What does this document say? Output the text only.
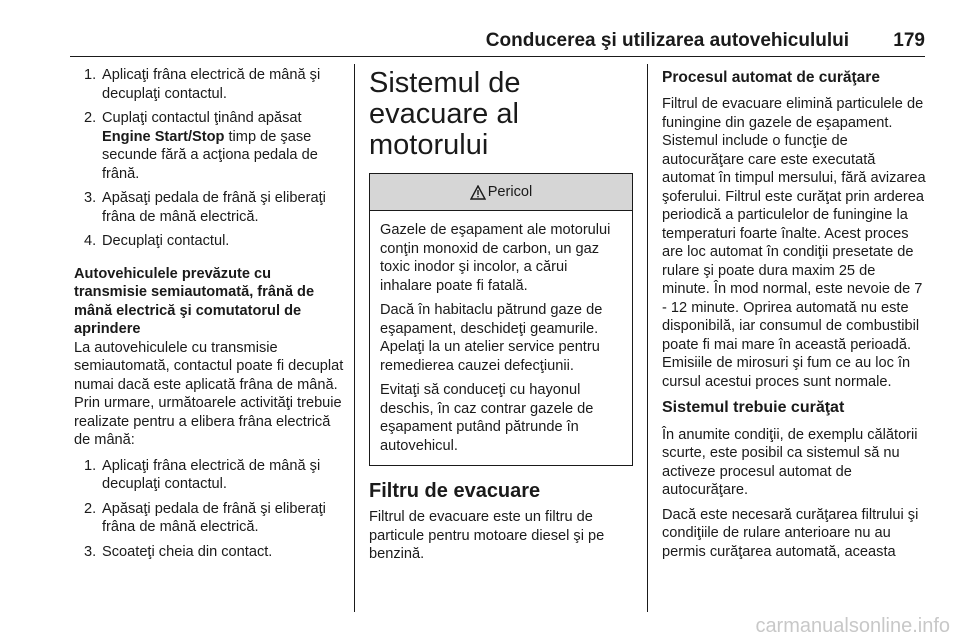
Conducerea şi utilizarea autovehiculului 179
1. Aplicaţi frâna electrică de mână şi decuplaţi contactul.
2. Cuplaţi contactul ţinând apăsat
Engine Start/Stop timp de şase secunde fără a acţiona pedala de frână.
3. Apăsaţi pedala de frână şi eliberaţi frâna de mână electrică.
4. Decuplaţi contactul.

Autovehiculele prevăzute cu transmisie semiautomată, frână de mână electrică şi comutatorul de aprindere

La autovehiculele cu transmisie semiautomată, contactul poate fi decuplat numai dacă este aplicată frâna de mână. Prin urmare, următoarele activităţi trebuie realizate pentru a elibera frâna electrică de mână:

1. Aplicaţi frâna electrică de mână şi decuplaţi contactul.
2. Apăsaţi pedala de frână şi eliberaţi frâna de mână electrică.
3. Scoateţi cheia din contact.
Sistemul de evacuare al motorului
Pericol

Gazele de eşapament ale motorului conţin monoxid de carbon, un gaz toxic inodor şi incolor, a cărui inhalare poate fi fatală.

Dacă în habitaclu pătrund gaze de eşapament, deschideţi geamurile. Apelaţi la un atelier service pentru remedierea cauzei defecţiunii.

Evitaţi să conduceţi cu hayonul deschis, în caz contrar gazele de eşapament putând pătrunde în autovehicul.

Filtru de evacuare

Filtrul de evacuare este un filtru de particule pentru motoare diesel şi pe benzină.

Procesul automat de curăţare

Filtrul de evacuare elimină particulele de funingine din gazele de eşapament. Sistemul include o funcţie de autocurăţare care este executată automat în timpul mersului, fără avizarea şoferului. Filtrul este curăţat prin arderea periodică a particulelor de funingine la temperaturi foarte înalte. Acest proces are loc automat în condiţii presetate de rulare şi poate dura maxim 25 de minute. În mod normal, este nevoie de 7 - 12 minute. Oprirea automată nu este disponibilă, iar consumul de combustibil poate fi mai mare în această perioadă. Emisiile de mirosuri şi fum ce au loc în cursul acestui proces sunt normale.

Sistemul trebuie curăţat

În anumite condiţii, de exemplu călătorii scurte, este posibil ca sistemul să nu activeze procesul automat de autocurăţare.

Dacă este necesară curăţarea filtrului şi condiţiile de rulare anterioare nu au permis curăţarea automată, aceasta

carmanualsonline.info
